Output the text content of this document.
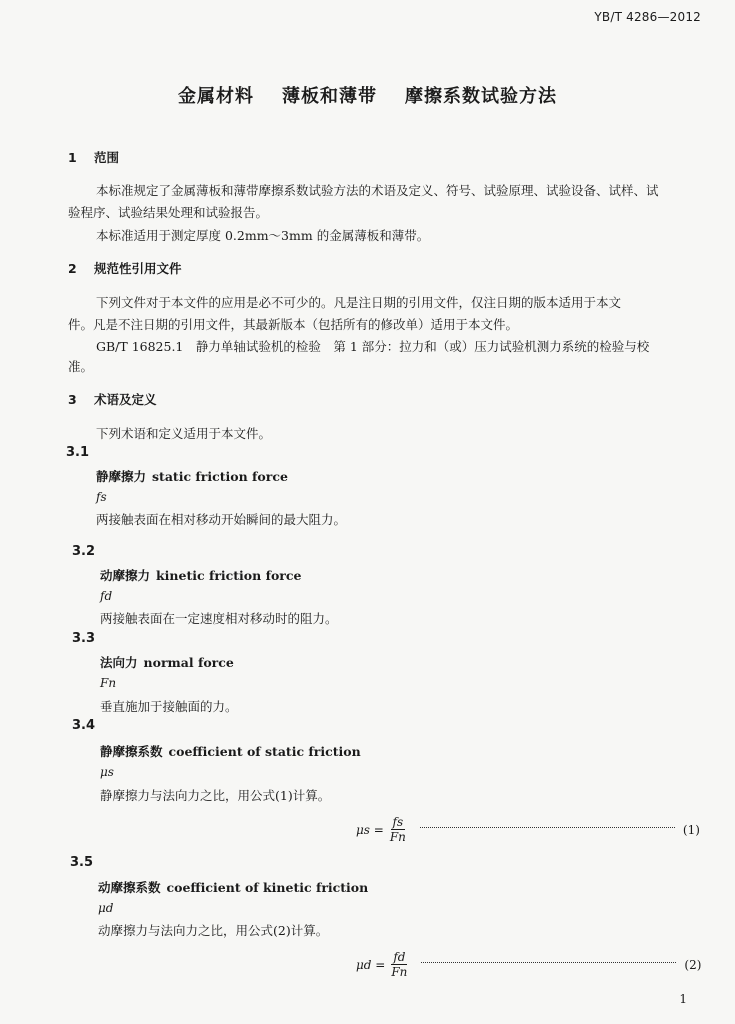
YB/T 4286—2012
金属材料 薄板和薄带 摩擦系数试验方法
1 范围
本标准规定了金属薄板和薄带摩擦系数试验方法的术语及定义、符号、试验原理、试验设备、试样、试
验程序、试验结果处理和试验报告。
本标准适用于测定厚度 0.2mm～3mm 的金属薄板和薄带。
2 规范性引用文件
下列文件对于本文件的应用是必不可少的。凡是注日期的引用文件，仅注日期的版本适用于本文
件。凡是不注日期的引用文件，其最新版本（包括所有的修改单）适用于本文件。
GB/T 16825.1　静力单轴试验机的检验　第 1 部分：拉力和（或）压力试验机测力系统的检验与校
准。
3 术语及定义
下列术语和定义适用于本文件。
3.1
静摩擦力 static friction force
fs
两接触表面在相对移动开始瞬间的最大阻力。
3.2
动摩擦力 kinetic friction force
fd
两接触表面在一定速度相对移动时的阻力。
3.3
法向力 normal force
Fn
垂直施加于接触面的力。
3.4
静摩擦系数 coefficient of static friction
μs
静摩擦力与法向力之比，用公式(1)计算。
$\mu s = \frac{fs}{Fn}$	(1)
3.5
动摩擦系数 coefficient of kinetic friction
μd
动摩擦力与法向力之比，用公式(2)计算。
$\mu d = \frac{fd}{Fn}$	(2)
1
